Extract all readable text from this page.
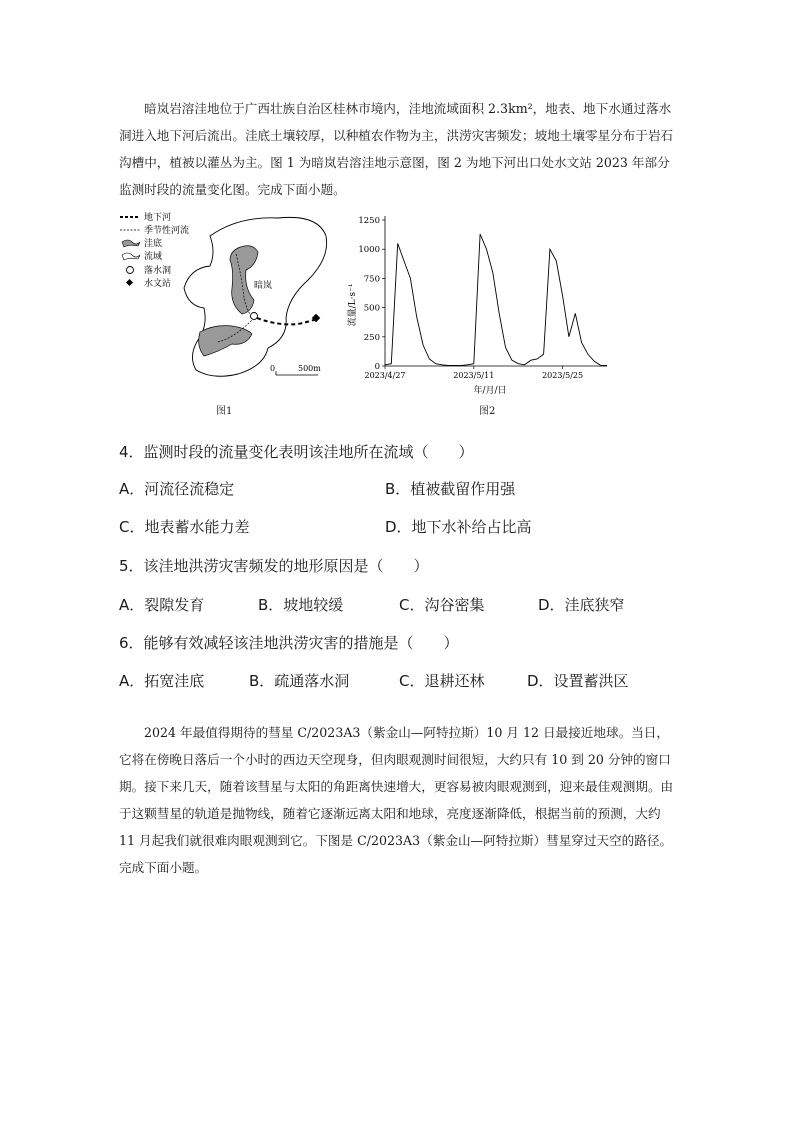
暗岚岩溶洼地位于广西壮族自治区桂林市境内，洼地流域面积 2.3km²，地表、地下水通过落水洞进入地下河后流出。洼底土壤较厚，以种植农作物为主，洪涝灾害频发；坡地土壤零星分布于岩石沟槽中，植被以灌丛为主。图 1 为暗岚岩溶洼地示意图，图 2 为地下河出口处水文站 2023 年部分监测时段的流量变化图。完成下面小题。

地下河
季节性河流
洼底
流域
落水洞
水文站	暗岚
0	500m
图1
0
250
500
750
1000
1250
2023/4/27	2023/5/11	2023/5/25
流量/L·s⁻¹
年/月/日
图2

4．监测时段的流量变化表明该洼地所在流域（　　）

A．河流径流稳定	B．植被截留作用强

C．地表蓄水能力差	D．地下水补给占比高

5．该洼地洪涝灾害频发的地形原因是（　　）

A．裂隙发育	B．坡地较缓	C．沟谷密集	D．洼底狭窄

6．能够有效减轻该洼地洪涝灾害的措施是（　　）

A．拓宽洼底	B．疏通落水洞	C．退耕还林	D．设置蓄洪区

2024 年最值得期待的彗星 C/2023A3（紫金山—阿特拉斯）10 月 12 日最接近地球。当日，它将在傍晚日落后一个小时的西边天空现身，但肉眼观测时间很短，大约只有 10 到 20 分钟的窗口期。接下来几天，随着该彗星与太阳的角距离快速增大，更容易被肉眼观测到，迎来最佳观测期。由于这颗彗星的轨道是抛物线，随着它逐渐远离太阳和地球，亮度逐渐降低，根据当前的预测，大约 11 月起我们就很难肉眼观测到它。下图是 C/2023A3（紫金山—阿特拉斯）彗星穿过天空的路径。完成下面小题。
